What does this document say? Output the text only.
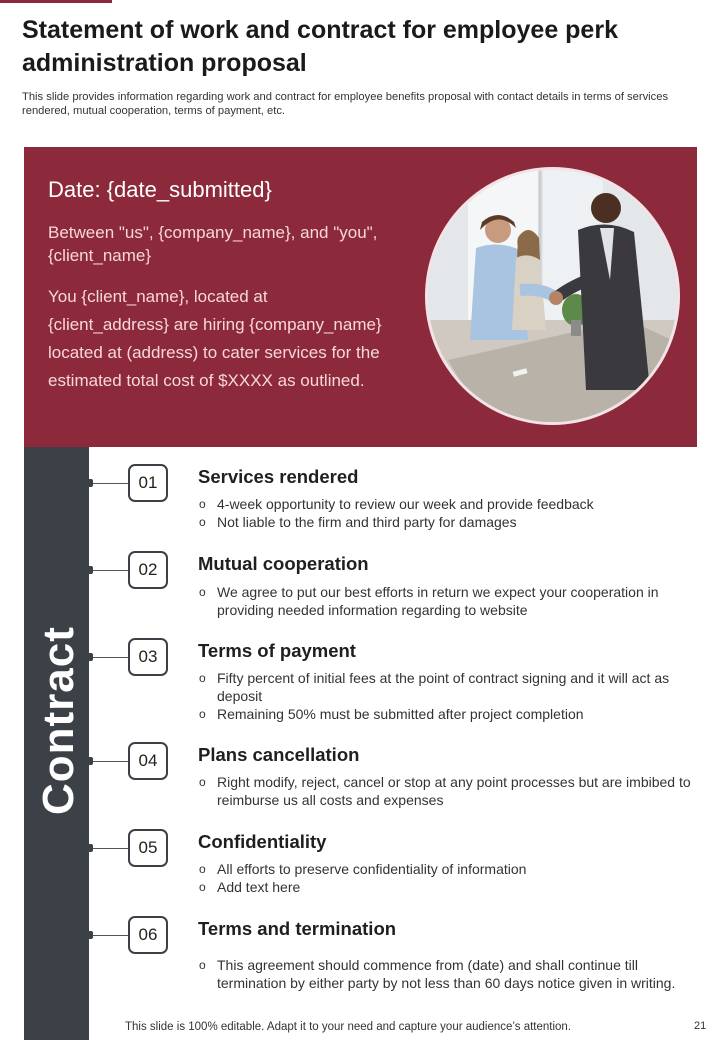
Statement of work and contract for employee perk administration proposal

This slide provides information regarding work and contract for employee benefits proposal with contact details in terms of services rendered, mutual cooperation, terms of payment, etc.

Date: {date_submitted}
Between "us", {company_name}, and "you", {client_name}
You {client_name}, located at {client_address} are hiring {company_name} located at (address) to cater services for the estimated total cost of $XXXX as outlined.
Contract
01	Services rendered
o 4-week opportunity to review our week and provide feedback
o Not liable to the firm and third party for damages
02	Mutual cooperation
o We agree to put our best efforts in return we expect your cooperation in providing needed information regarding to website
03	Terms of payment
o Fifty percent of initial fees at the point of contract signing and it will act as deposit
o Remaining 50% must be submitted after project completion
04	Plans cancellation
o Right modify, reject, cancel or stop at any point processes but are imbibed to reimburse us all costs and expenses
05	Confidentiality
o All efforts to preserve confidentiality of information
o Add text here
06	Terms and termination
o This agreement should commence from (date) and shall continue till termination by either party by not less than 60 days notice given in writing.
This slide is 100% editable. Adapt it to your need and capture your audience’s attention.	21
